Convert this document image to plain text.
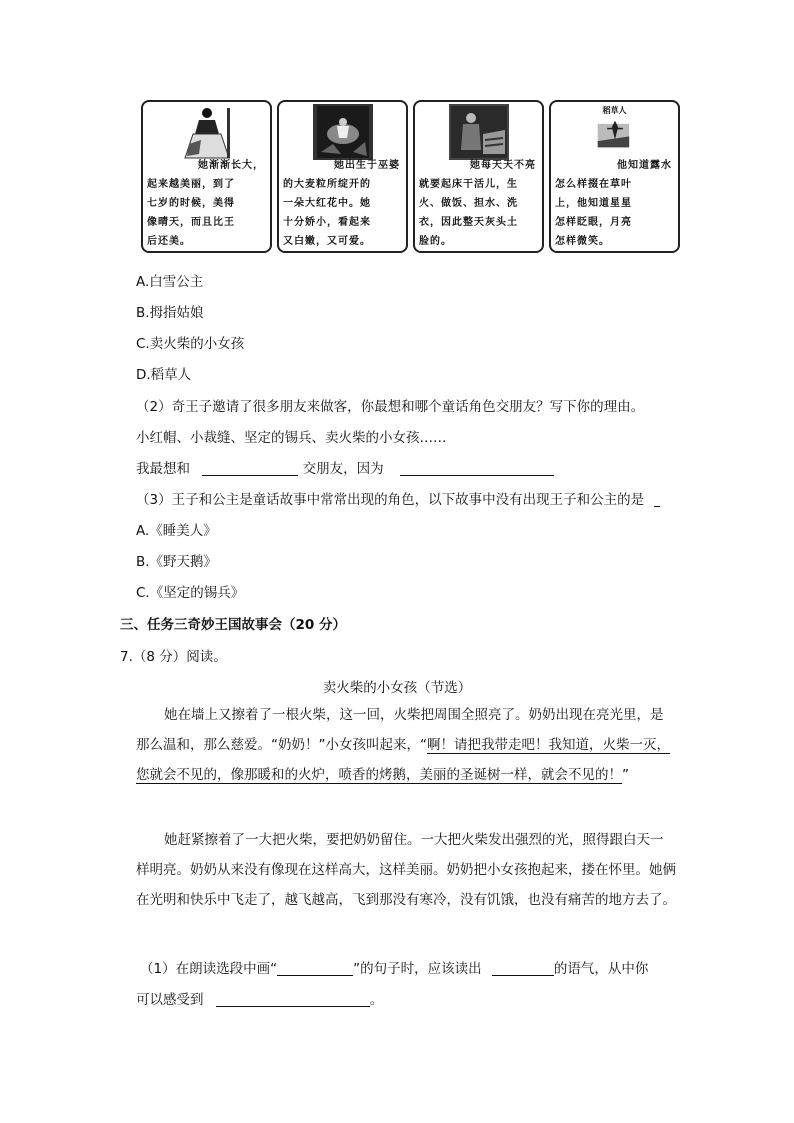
她渐渐长大，

起来越美丽，到了

七岁的时候，美得

像晴天，而且比王

后还美。

她出生于巫婆

的大麦粒所绽开的

一朵大红花中。她

十分娇小，看起来

又白嫩，又可爱。

她每天天不亮

就要起床干活儿，生

火、做饭、担水、洗

衣，因此整天灰头土

脸的。

稻草人

他知道露水

怎么样掇在草叶

上，他知道星星

怎样眨眼，月亮

怎样微笑。

A.白雪公主
B.拇指姑娘
C.卖火柴的小女孩
D.稻草人
（2）奇王子邀请了很多朋友来做客，你最想和哪个童话角色交朋友？写下你的理由。
小红帽、小裁缝、坚定的锡兵、卖火柴的小女孩……
我最想和	交朋友，因为
（3）王子和公主是童话故事中常常出现的角色，以下故事中没有出现王子和公主的是
A.《睡美人》
B.《野天鹅》
C.《坚定的锡兵》
三、任务三奇妙王国故事会（20 分）
7.（8 分）阅读。
卖火柴的小女孩（节选）

她在墙上又擦着了一根火柴，这一回，火柴把周围全照亮了。奶奶出现在亮光里，是那么温和，那么慈爱。“奶奶！”小女孩叫起来，“啊！请把我带走吧！我知道，火柴一灭，您就会不见的，像那暖和的火炉，喷香的烤鹅，美丽的圣诞树一样，就会不见的！”

她赶紧擦着了一大把火柴，要把奶奶留住。一大把火柴发出强烈的光，照得跟白天一样明亮。奶奶从来没有像现在这样高大，这样美丽。奶奶把小女孩抱起来，搂在怀里。她俩在光明和快乐中飞走了，越飞越高，飞到那没有寒冷，没有饥饿，也没有痛苦的地方去了。

（1）在朗读选段中画“	”的句子时，应该读出	的语气，从中你
可以感受到	。
